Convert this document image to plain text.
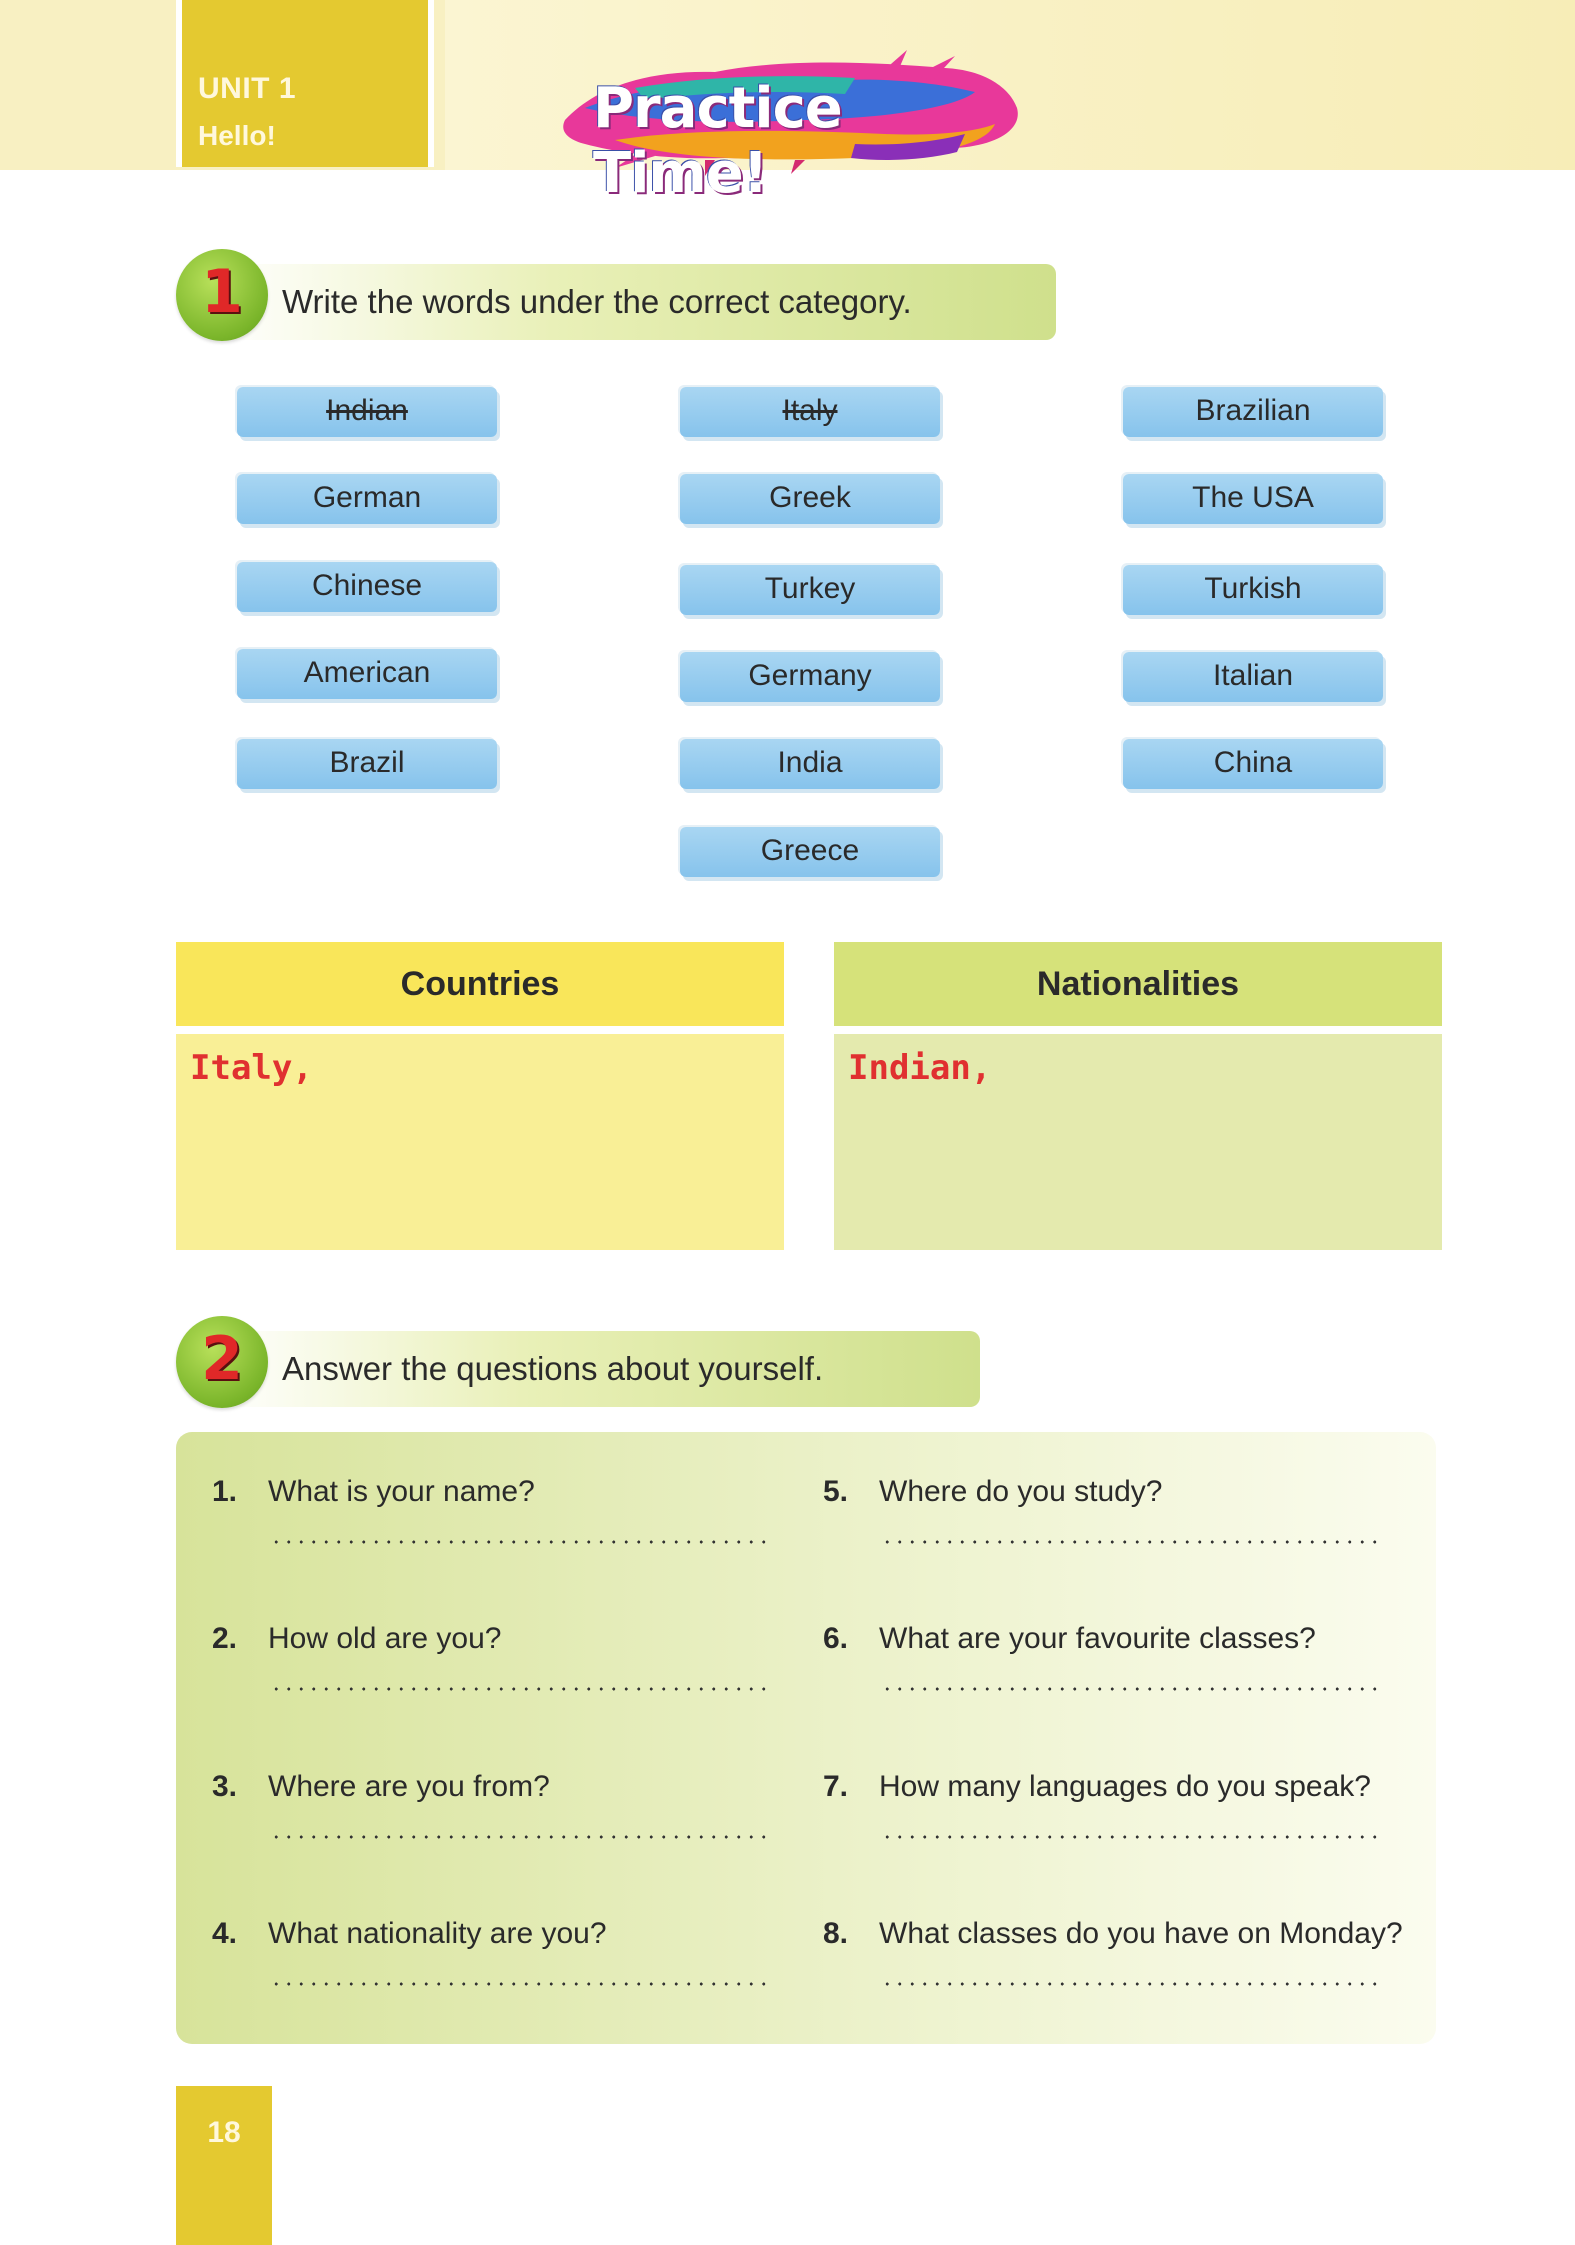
UNIT 1
Hello!	Practice Time!
1	Write the words under the correct category.
Indian	Italy	Brazilian
German	Greek	The USA
Chinese	Turkey	Turkish
American	Germany	Italian
Brazil	India	China
Greece
Countries	Nationalities
Italy,	Indian,
2	Answer the questions about yourself.
1. What is your name?
2. How old are you?
3. Where are you from?
4. What nationality are you?
5. Where do you study?
6. What are your favourite classes?
7. How many languages do you speak?
8. What classes do you have on Monday?
18
